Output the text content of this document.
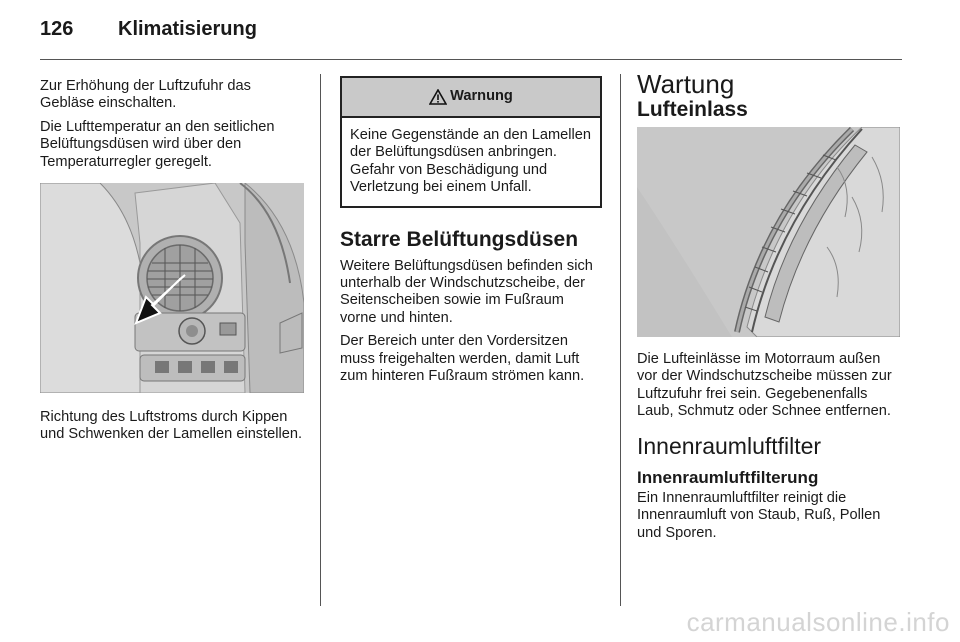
126 Klimatisierung

Zur Erhöhung der Luftzufuhr das Gebläse einschalten.

Die Lufttemperatur an den seitlichen Belüftungsdüsen wird über den Temperaturregler geregelt.

Richtung des Luftstroms durch Kippen und Schwenken der Lamellen einstellen.

Warnung
Keine Gegenstände an den Lamellen der Belüftungsdüsen anbringen. Gefahr von Beschädigung und Verletzung bei einem Unfall.
Starre Belüftungsdüsen

Weitere Belüftungsdüsen befinden sich unterhalb der Windschutzscheibe, der Seitenscheiben sowie im Fußraum vorne und hinten.

Der Bereich unter den Vordersitzen muss freigehalten werden, damit Luft zum hinteren Fußraum strömen kann.

Wartung
Lufteinlass

Die Lufteinlässe im Motorraum außen vor der Windschutzscheibe müssen zur Luftzufuhr frei sein. Gegebenenfalls Laub, Schmutz oder Schnee entfernen.

Innenraumluftfilter
Innenraumluftfilterung

Ein Innenraumluftfilter reinigt die Innenraumluft von Staub, Ruß, Pollen und Sporen.

carmanualsonline.info
